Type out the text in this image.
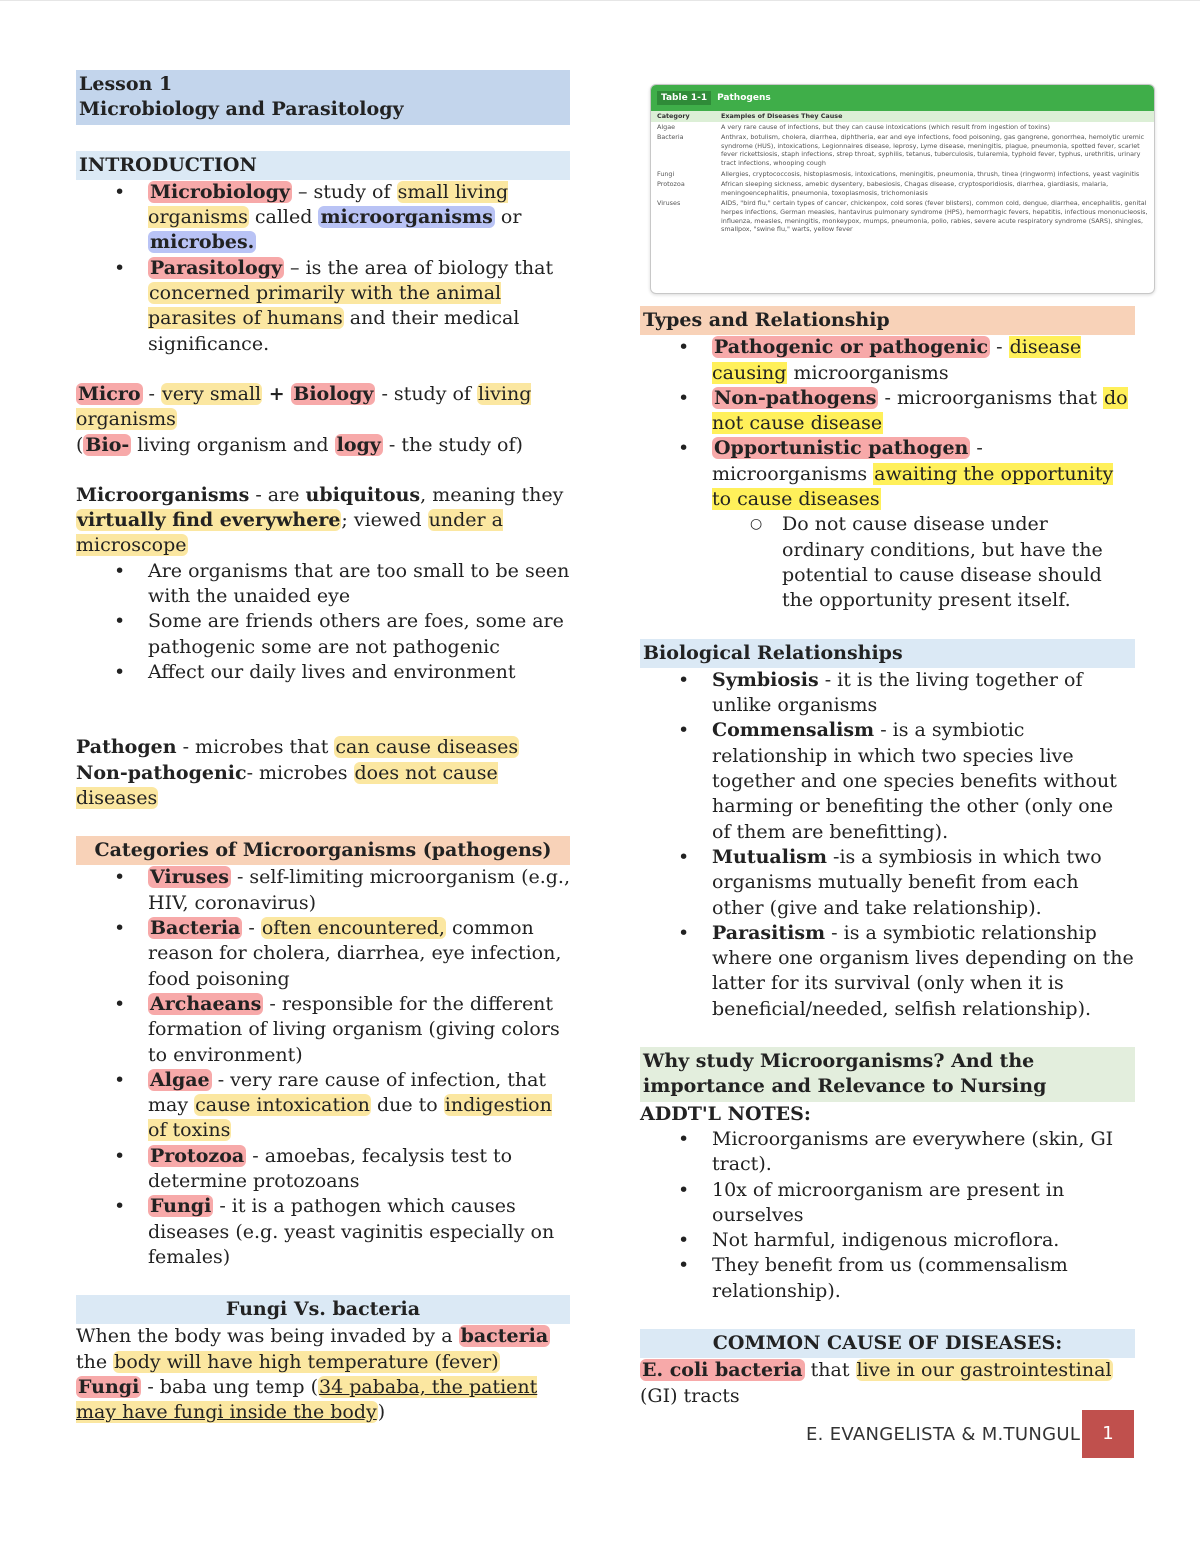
Lesson 1
Microbiology and Parasitology
INTRODUCTION
• Microbiology – study of small living organisms called microorganisms or microbes.
• Parasitology – is the area of biology that concerned primarily with the animal parasites of humans and their medical significance.

Micro - very small + Biology - study of living organisms
( Bio- living organism and logy - the study of)

Microorganisms - are ubiquitous, meaning they virtually find everywhere; viewed under a microscope

• Are organisms that are too small to be seen with the unaided eye
• Some are friends others are foes, some are pathogenic some are not pathogenic
• Affect our daily lives and environment

Pathogen - microbes that can cause diseases
Non-pathogenic- microbes does not cause diseases

Categories of Microorganisms (pathogens)
• Viruses - self-limiting microorganism (e.g., HIV, coronavirus)
• Bacteria - often encountered, common reason for cholera, diarrhea, eye infection, food poisoning
• Archaeans - responsible for the different formation of living organism (giving colors to environment)
• Algae - very rare cause of infection, that may cause intoxication due to indigestion of toxins
• Protozoa - amoebas, fecalysis test to determine protozoans
• Fungi - it is a pathogen which causes diseases (e.g. yeast vaginitis especially on females)
Fungi Vs. bacteria

When the body was being invaded by a bacteria the body will have high temperature (fever)
Fungi - baba ung temp (34 pababa, the patient may have fungi inside the body)

Table 1-1 Pathogens
Category	Examples of Diseases They Cause
Algae	A very rare cause of infections, but they can cause intoxications (which result from ingestion of toxins)
Bacteria	Anthrax, botulism, cholera, diarrhea, diphtheria, ear and eye infections, food poisoning, gas gangrene, gonorrhea, hemolytic uremic syndrome (HUS), intoxications, Legionnaires disease, leprosy, Lyme disease, meningitis, plague, pneumonia, spotted fever, scarlet fever rickettsiosis, staph infections, strep throat, syphilis, tetanus, tuberculosis, tularemia, typhoid fever, typhus, urethritis, urinary tract infections, whooping cough
Fungi	Allergies, cryptococcosis, histoplasmosis, intoxications, meningitis, pneumonia, thrush, tinea (ringworm) infections, yeast vaginitis
Protozoa	African sleeping sickness, amebic dysentery, babesiosis, Chagas disease, cryptosporidiosis, diarrhea, giardiasis, malaria, meningoencephalitis, pneumonia, toxoplasmosis, trichomoniasis
Viruses	AIDS, "bird flu," certain types of cancer, chickenpox, cold sores (fever blisters), common cold, dengue, diarrhea, encephalitis, genital herpes infections, German measles, hantavirus pulmonary syndrome (HPS), hemorrhagic fevers, hepatitis, infectious mononucleosis, influenza, measles, meningitis, monkeypox, mumps, pneumonia, polio, rabies, severe acute respiratory syndrome (SARS), shingles, smallpox, "swine flu," warts, yellow fever
Types and Relationship
• Pathogenic or pathogenic - disease causing microorganisms
• Non-pathogens - microorganisms that do not cause disease
• Opportunistic pathogen - microorganisms awaiting the opportunity to cause diseases
○ Do not cause disease under ordinary conditions, but have the potential to cause disease should the opportunity present itself.
Biological Relationships
• Symbiosis - it is the living together of unlike organisms
• Commensalism - is a symbiotic relationship in which two species live together and one species benefits without harming or benefiting the other (only one of them are benefitting).
• Mutualism -is a symbiosis in which two organisms mutually benefit from each other (give and take relationship).
• Parasitism - is a symbiotic relationship where one organism lives depending on the latter for its survival (only when it is beneficial/needed, selfish relationship).
Why study Microorganisms? And the importance and Relevance to Nursing

ADDT'L NOTES:

• Microorganisms are everywhere (skin, GI tract).
• 10x of microorganism are present in ourselves
• Not harmful, indigenous microflora.
• They benefit from us (commensalism relationship).
COMMON CAUSE OF DISEASES:

E. coli bacteria that live in our gastrointestinal (GI) tracts

E. EVANGELISTA & M.TUNGUL	1
